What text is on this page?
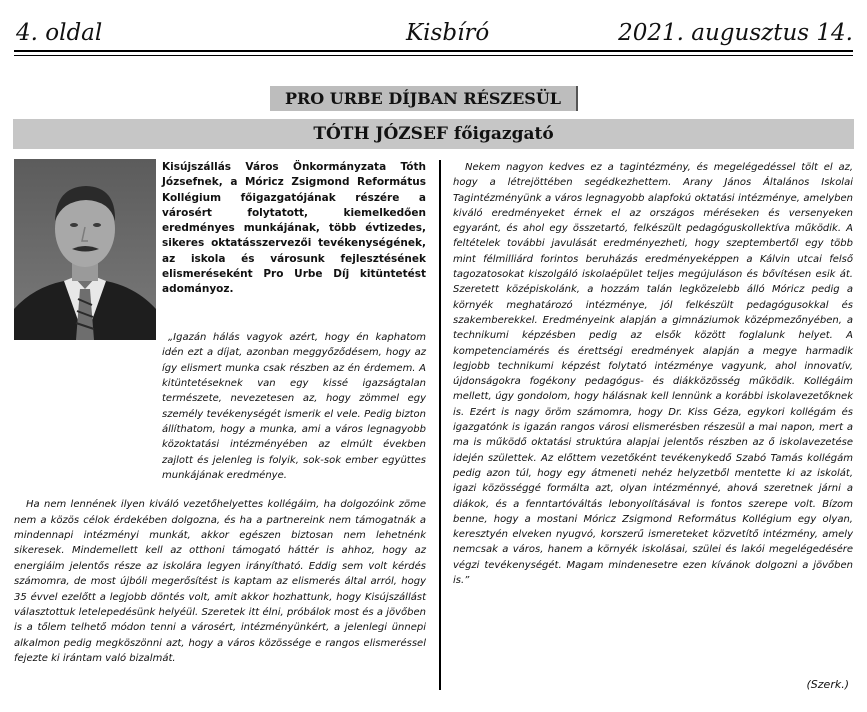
4. oldal	Kisbíró	2021. augusztus 14.
PRO URBE DÍJBAN RÉSZESÜL
TÓTH JÓZSEF főigazgató
Kisújszállás Város Önkormányzata Tóth Józsefnek, a Móricz Zsigmond Református Kollégium főigazgatójának részére a városért folytatott, kiemelkedően eredményes munkájának, több évtizedes, sikeres oktatásszervezői tevékenységének, az iskola és városunk fejlesztésének elismeréseként Pro Urbe Díj kitüntetést adományoz.

„Igazán hálás vagyok azért, hogy én kaphatom idén ezt a díjat, azonban meggyőződésem, hogy az így elismert munka csak részben az én érdemem. A kitüntetéseknek van egy kissé igazságtalan természete, nevezetesen az, hogy zömmel egy személy tevékenységét ismerik el vele. Pedig bizton állíthatom, hogy a munka, ami a város legnagyobb közoktatási intézményében az elmúlt években zajlott és jelenleg is folyik, sok-sok ember együttes munkájának eredménye.

Ha nem lennének ilyen kiváló vezetőhelyettes kollégáim, ha dolgozóink zöme nem a közös célok érdekében dolgozna, és ha a partnereink nem támogatnák a mindennapi intézményi munkát, akkor egészen biztosan nem lehetnénk sikeresek. Mindemellett kell az otthoni támogató háttér is ahhoz, hogy az energiáim jelentős része az iskolára legyen irányítható. Eddig sem volt kérdés számomra, de most újbóli megerősítést is kaptam az elismerés által arról, hogy 35 évvel ezelőtt a legjobb döntés volt, amit akkor hozhattunk, hogy Kisújszállást választottuk letelepedésünk helyéül. Szeretek itt élni, próbálok most és a jövőben is a tőlem telhető módon tenni a városért, intézményünkért, a jelenlegi ünnepi alkalmon pedig megköszönni azt, hogy a város közössége e rangos elismeréssel fejezte ki irántam való bizalmát.

Nekem nagyon kedves ez a tagintézmény, és megelégedéssel tölt el az, hogy a létrejöttében segédkezhettem. Arany János Általános Iskolai Tagintézményünk a város legnagyobb alapfokú oktatási intézménye, amelyben kiváló eredményeket érnek el az országos méréseken és versenyeken egyaránt, és ahol egy összetartó, felkészült pedagóguskollektíva működik. A feltételek további javulását eredményezheti, hogy szeptembertől egy több mint félmilliárd forintos beruházás eredményeképpen a Kálvin utcai felső tagozatosokat kiszolgáló iskolaépület teljes megújuláson és bővítésen esik át. Szeretett középiskolánk, a hozzám talán legközelebb álló Móricz pedig a környék meghatározó intézménye, jól felkészült pedagógusokkal és szakemberekkel. Eredményeink alapján a gimnáziumok középmezőnyében, a technikumi képzésben pedig az elsők között foglalunk helyet. A kompetenciamérés és érettségi eredmények alapján a megye harmadik legjobb technikumi képzést folytató intézménye vagyunk, ahol innovatív, újdonságokra fogékony pedagógus- és diákközösség működik. Kollégáim mellett, úgy gondolom, hogy hálásnak kell lennünk a korábbi iskolavezetőknek is. Ezért is nagy öröm számomra, hogy Dr. Kiss Géza, egykori kollégám és igazgatónk is igazán rangos városi elismerésben részesül a mai napon, mert a ma is működő oktatási struktúra alapjai jelentős részben az ő iskolavezetése idején születtek. Az előttem vezetőként tevékenykedő Szabó Tamás kollégám pedig azon túl, hogy egy átmeneti nehéz helyzetből mentette ki az iskolát, igazi közösséggé formálta azt, olyan intézménnyé, ahová szeretnek járni a diákok, és a fenntartóváltás lebonyolításával is fontos szerepe volt. Bízom benne, hogy a mostani Móricz Zsigmond Református Kollégium egy olyan, keresztyén elveken nyugvó, korszerű ismereteket közvetítő intézmény, amely nemcsak a város, hanem a környék iskolásai, szülei és lakói megelégedésére végzi tevékenységét. Magam mindenesetre ezen kívánok dolgozni a jövőben is.”

(Szerk.)
